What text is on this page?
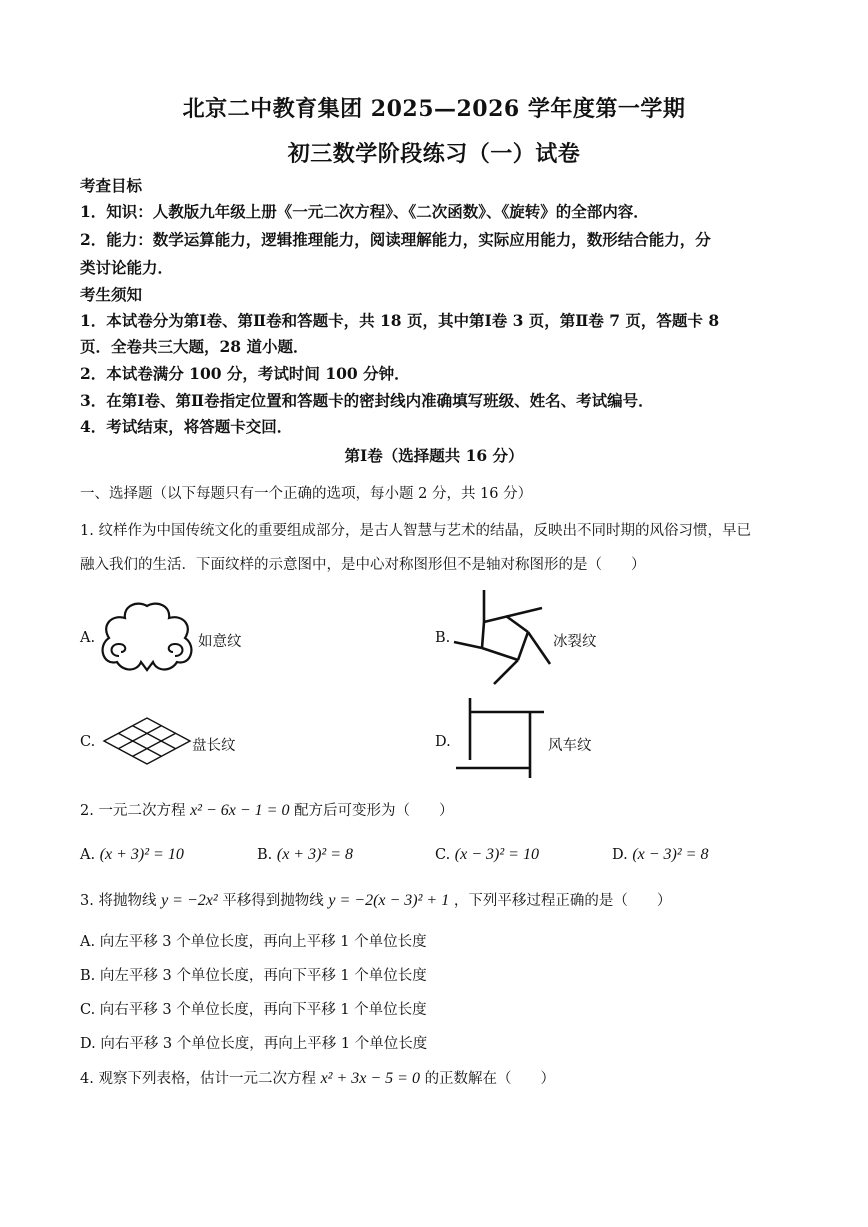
北京二中教育集团 2025—2026 学年度第一学期
初三数学阶段练习（一）试卷
考查目标
1．知识：人教版九年级上册《一元二次方程》、《二次函数》、《旋转》的全部内容．
2．能力：数学运算能力，逻辑推理能力，阅读理解能力，实际应用能力，数形结合能力，分
类讨论能力．
考生须知
1．本试卷分为第Ⅰ卷、第Ⅱ卷和答题卡，共 18 页，其中第Ⅰ卷 3 页，第Ⅱ卷 7 页，答题卡 8
页．全卷共三大题，28 道小题．
2．本试卷满分 100 分，考试时间 100 分钟．
3．在第Ⅰ卷、第Ⅱ卷指定位置和答题卡的密封线内准确填写班级、姓名、考试编号．
4．考试结束，将答题卡交回．
第Ⅰ卷（选择题共 16 分）
一、选择题（以下每题只有一个正确的选项，每小题 2 分，共 16 分）
1. 纹样作为中国传统文化的重要组成部分，是古人智慧与艺术的结晶，反映出不同时期的风俗习惯，早已
融入我们的生活．下面纹样的示意图中，是中心对称图形但不是轴对称图形的是（　　）
A.	如意纹	B.	冰裂纹
C.	盘长纹	D.	风车纹
2. 一元二次方程 x² − 6x − 1 = 0 配方后可变形为（　　）
A. (x + 3)² = 10	B. (x + 3)² = 8	C. (x − 3)² = 10	D. (x − 3)² = 8
3. 将抛物线 y = −2x² 平移得到抛物线 y = −2(x − 3)² + 1 ，下列平移过程正确的是（　　）
A. 向左平移 3 个单位长度，再向上平移 1 个单位长度
B. 向左平移 3 个单位长度，再向下平移 1 个单位长度
C. 向右平移 3 个单位长度，再向下平移 1 个单位长度
D. 向右平移 3 个单位长度，再向上平移 1 个单位长度
4. 观察下列表格，估计一元二次方程 x² + 3x − 5 = 0 的正数解在（　　）
